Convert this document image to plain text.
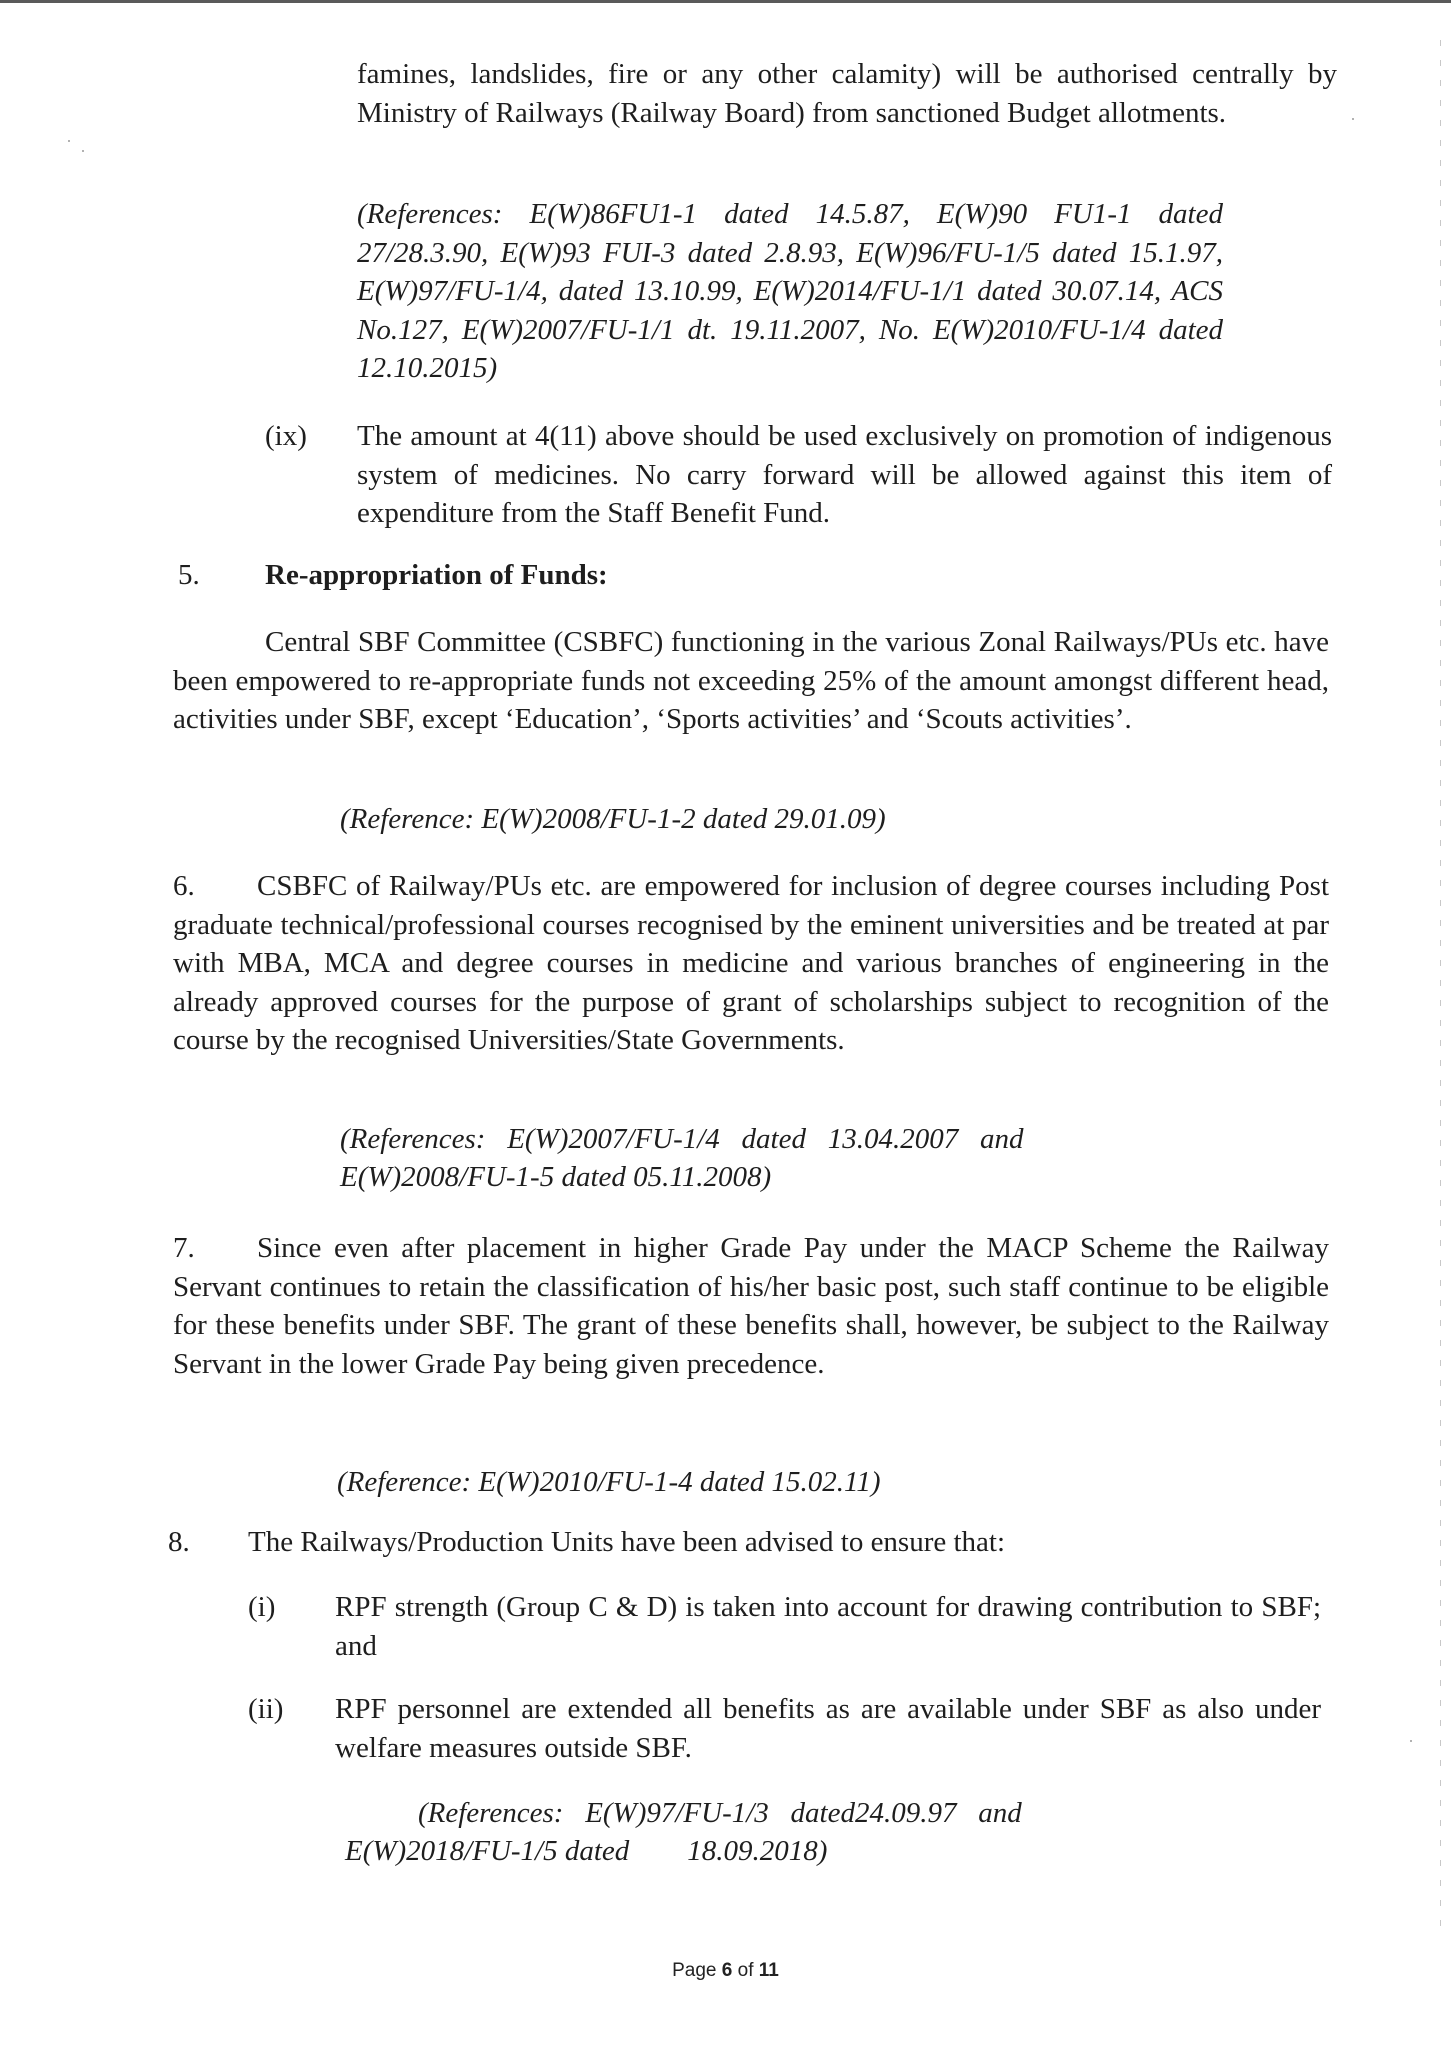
famines, landslides, fire or any other calamity) will be authorised centrally by Ministry of Railways (Railway Board) from sanctioned Budget allotments.
(References: E(W)86FU1-1 dated 14.5.87, E(W)90 FU1-1 dated 27/28.3.90, E(W)93 FUI-3 dated 2.8.93, E(W)96/FU-1/5 dated 15.1.97, E(W)97/FU-1/4, dated 13.10.99, E(W)2014/FU-1/1 dated 30.07.14, ACS No.127, E(W)2007/FU-1/1 dt. 19.11.2007, No. E(W)2010/FU-1/4 dated 12.10.2015)
(ix) The amount at 4(11) above should be used exclusively on promotion of indigenous system of medicines. No carry forward will be allowed against this item of expenditure from the Staff Benefit Fund.
5. Re-appropriation of Funds:
Central SBF Committee (CSBFC) functioning in the various Zonal Railways/PUs etc. have been empowered to re-appropriate funds not exceeding 25% of the amount amongst different head, activities under SBF, except ‘Education’, ‘Sports activities’ and ‘Scouts activities’.
(Reference: E(W)2008/FU-1-2 dated 29.01.09)
6.	CSBFC of Railway/PUs etc. are empowered for inclusion of degree courses including Post graduate technical/professional courses recognised by the eminent universities and be treated at par with MBA, MCA and degree courses in medicine and various branches of engineering in the already approved courses for the purpose of grant of scholarships subject to recognition of the course by the recognised Universities/State Governments.
(References:   E(W)2007/FU-1/4   dated   13.04.2007   and
E(W)2008/FU-1-5 dated 05.11.2008)
7.	Since even after placement in higher Grade Pay under the MACP Scheme the Railway Servant continues to retain the classification of his/her basic post, such staff continue to be eligible for these benefits under SBF. The grant of these benefits shall, however, be subject to the Railway Servant in the lower Grade Pay being given precedence.
(Reference: E(W)2010/FU-1-4 dated 15.02.11)
8. The Railways/Production Units have been advised to ensure that:
(i) RPF strength (Group C & D) is taken into account for drawing contribution to SBF; and
(ii) RPF personnel are extended all benefits as are available under SBF as also under welfare measures outside SBF.
(References:   E(W)97/FU-1/3   dated24.09.97   and
E(W)2018/FU-1/5 dated        18.09.2018)
Page 6 of 11
